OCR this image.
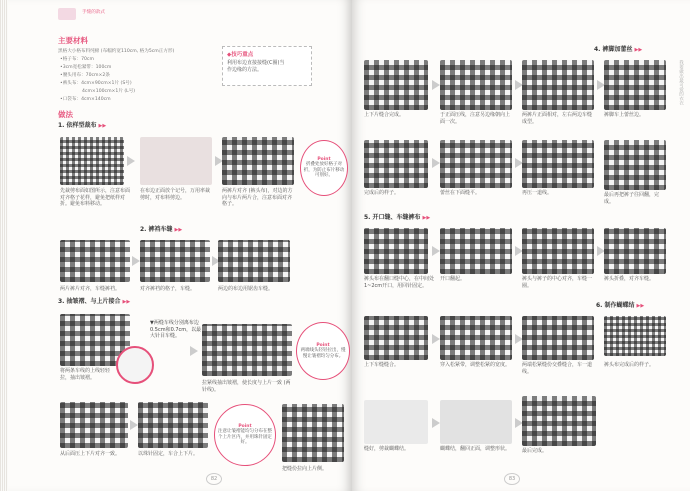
手缝的款式

主要材料

黑格大小格布料纯棉 (布幅约宽110cm, 格为5cm正方形)

•格子布：70cm

•3cm宽松紧带：100cm

•腰头用布：70cm×2条

•裤头布：4cm×90cm×1片 (S号)

4cm×100cm×1片 (L号)

•口袋布：4cm×140cm

◆技巧重点
利用布边直接接缝(C圈)当
作边缘的方法。

做法

1. 依样型裁布 ▶▶

Point
折叠处放好格子对折，为防止布片移动可别好。

先裁剪布面如图所示，注意布面对齐格子花样，避免把纸样对折。避免布料移动。

在布边正面放个记号，万用率裁剪时，对布料剪边。

两裤片对齐 (裤头布)，对边的方向与布片两片合，注意布面对齐格子。

2. 裤裆车缝 ▶▶

两片裤片对齐，车缝裤裆。	对齐裤裆的格子，车缝。	两边的布边用锯齿车缝。

3. 抽皱褶、与上片接合 ▶▶

▼两缝车线分别离布边
0.5cm和0.7cm，以最
大针目车缝。

Point
两端线头轻轻拉出，慢慢让皱褶均匀分布。

将两条车线的上线轻轻拉，抽出皱褶。

拉紧线抽出皱褶，使长度与上片一致 (两针线)。

Point
注意让皱褶能均匀分布在整个上片区内，并用珠针固定好。

从后面压上下片对齐一致。	以珠针固定，车合上下片。

把缝份拉向上片侧。

82

4. 裤脚加蕾丝 ▶▶

我要做出最可爱的衣衣

上下片缝合完成。	于正面压线，注意另边缘朝向上面一次。

两裤片正面相对，左右两边车缝成型。

裤脚车上蕾丝边。

完成后的样子。	蕾丝在下面缝平。	再压一道线。	最后再把裤子往回翻，完成。

5. 开口缝、车缝裤布 ▶▶

裤头布在翻口缝中心，在中间处1~2cm开口，用回针固定。

开口翻起。	裤头与裤子的中心对齐，车缝一圈。

裤头折叠，对齐车缝。

6. 制作蝴蝶结 ▶▶

上下车缝缝合。	穿入松紧带，调整松紧的宽度。	两端松紧缝份交叠缝合，车一道线。

裤头布完成后的样子。

缝好，剪裁蝴蝶结。	蝴蝶结，翻回正面，调整形状。	最后完成。

83
